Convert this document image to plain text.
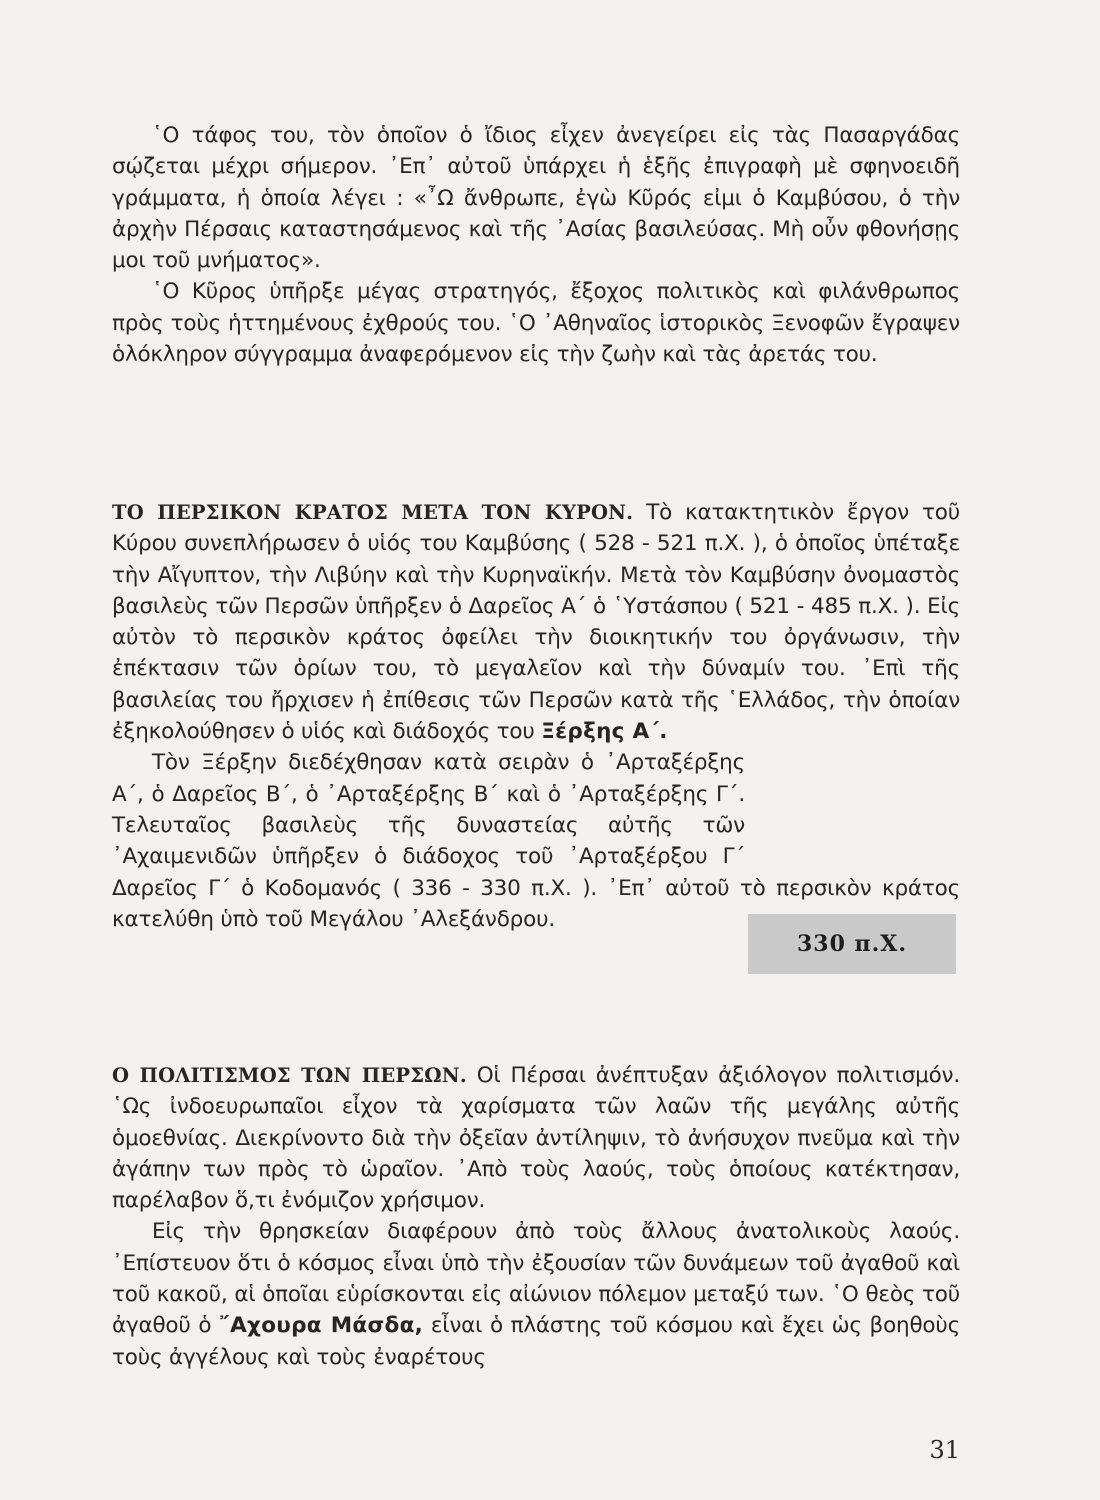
῾Ο τάφος του, τὸν ὁποῖον ὁ ἴδιος εἶχεν ἀνεγείρει εἰς τὰς Πασαργάδας σῴζεται μέχρι σήμερον. ᾿Επ᾿ αὐτοῦ ὑπάρχει ἡ ἑξῆς ἐπιγραφὴ μὲ σφηνοειδῆ γράμματα, ἡ ὁποία λέγει : «῏Ω ἄνθρωπε, ἐγὼ Κῦρός εἰμι ὁ Καμβύσου, ὁ τὴν ἀρχὴν Πέρσαις καταστησάμενος καὶ τῆς ᾿Ασίας βασιλεύσας. Μὴ οὖν φθονήσῃς μοι τοῦ μνήματος».

῾Ο Κῦρος ὑπῆρξε μέγας στρατηγός, ἔξοχος πολιτικὸς καὶ φιλάνθρωπος πρὸς τοὺς ἡττημένους ἐχθρούς του. ῾Ο ᾿Αθηναῖος ἱστορικὸς Ξενοφῶν ἔγραψεν ὁλόκληρον σύγγραμμα ἀναφερόμενον εἰς τὴν ζωὴν καὶ τὰς ἀρετάς του.

ΤΟ ΠΕΡΣΙΚΟΝ ΚΡΑΤΟΣ ΜΕΤΑ ΤΟΝ ΚΥΡΟΝ. Τὸ κατακτητικὸν ἔργον τοῦ Κύρου συνεπλήρωσεν ὁ υἱός του Καμβύσης ( 528 - 521 π.Χ. ), ὁ ὁποῖος ὑπέταξε τὴν Αἴγυπτον, τὴν Λιβύην καὶ τὴν Κυρηναϊκήν. Μετὰ τὸν Καμβύσην ὀνομαστὸς βασιλεὺς τῶν Περσῶν ὑπῆρξεν ὁ Δαρεῖος Α΄ ὁ ῾Υστάσπου ( 521 - 485 π.Χ. ). Εἰς αὐτὸν τὸ περσικὸν κράτος ὀφείλει τὴν διοικητικήν του ὀργάνωσιν, τὴν ἐπέκτασιν τῶν ὁρίων του, τὸ μεγαλεῖον καὶ τὴν δύναμίν του. ᾿Επὶ τῆς βασιλείας του ἤρχισεν ἡ ἐπίθεσις τῶν Περσῶν κατὰ τῆς ῾Ελλάδος, τὴν ὁποίαν ἐξηκολούθησεν ὁ υἱός καὶ διάδοχός του Ξέρξης Α΄.

Τὸν Ξέρξην διεδέχθησαν κατὰ σειρὰν ὁ ᾿Αρταξέρξης Α΄, ὁ Δαρεῖος Β΄, ὁ ᾿Αρταξέρξης Β΄ καὶ ὁ ᾿Αρταξέρξης Γ΄. Τελευταῖος βασιλεὺς τῆς δυναστείας αὐτῆς τῶν ᾿Αχαιμενιδῶν ὑπῆρξεν ὁ διάδοχος τοῦ ᾿Αρταξέρξου Γ΄ Δαρεῖος Γ΄ ὁ Κοδομανός ( 336 - 330 π.Χ. ). ᾿Επ᾿ αὐτοῦ τὸ περσικὸν κράτος κατελύθη ὑπὸ τοῦ Μεγάλου ᾿Αλεξάνδρου.

330 π.Χ.

Ο ΠΟΛΙΤΙΣΜΟΣ ΤΩΝ ΠΕΡΣΩΝ. Οἱ Πέρσαι ἀνέπτυξαν ἀξιόλογον πολιτισμόν. ῾Ως ἰνδοευρωπαῖοι εἶχον τὰ χαρίσματα τῶν λαῶν τῆς μεγάλης αὐτῆς ὁμοεθνίας. Διεκρίνοντο διὰ τὴν ὀξεῖαν ἀντίληψιν, τὸ ἀνήσυχον πνεῦμα καὶ τὴν ἀγάπην των πρὸς τὸ ὡραῖον. ᾿Απὸ τοὺς λαούς, τοὺς ὁποίους κατέκτησαν, παρέλαβον ὅ,τι ἐνόμιζον χρήσιμον.

Εἰς τὴν θρησκείαν διαφέρουν ἀπὸ τοὺς ἄλλους ἀνατολικοὺς λαούς. ᾿Επίστευον ὅτι ὁ κόσμος εἶναι ὑπὸ τὴν ἐξουσίαν τῶν δυνάμεων τοῦ ἀγαθοῦ καὶ τοῦ κακοῦ, αἱ ὁποῖαι εὑρίσκονται εἰς αἰώνιον πόλεμον μεταξύ των. ῾Ο θεὸς τοῦ ἀγαθοῦ ὁ ῎Αχουρα Μάσδα, εἶναι ὁ πλάστης τοῦ κόσμου καὶ ἔχει ὡς βοηθοὺς τοὺς ἀγγέλους καὶ τοὺς ἐναρέτους

31
